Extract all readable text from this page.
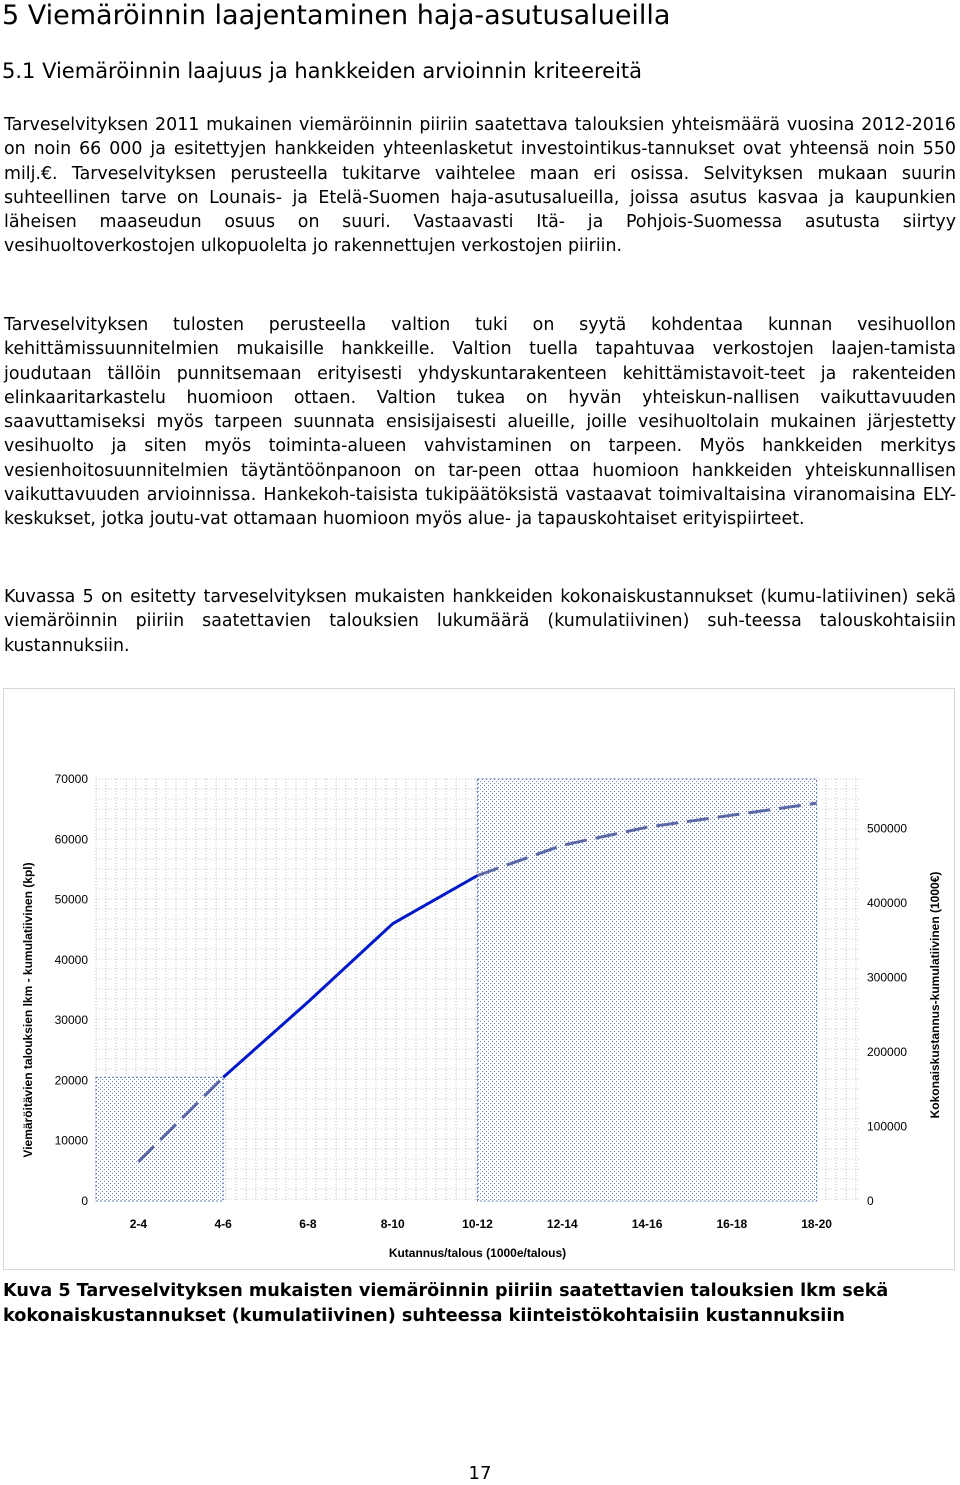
5 Viemäröinnin laajentaminen haja-asutusalueilla
5.1 Viemäröinnin laajuus ja hankkeiden arvioinnin kriteereitä

Tarveselvityksen 2011 mukainen viemäröinnin piiriin saatettava talouksien yhteismäärä vuosina 2012-2016 on noin 66 000 ja esitettyjen hankkeiden yhteenlasketut investointikus-tannukset ovat yhteensä noin 550 milj.€. Tarveselvityksen perusteella tukitarve vaihtelee maan eri osissa. Selvityksen mukaan suurin suhteellinen tarve on Lounais- ja Etelä-Suomen haja-asutusalueilla, joissa asutus kasvaa ja kaupunkien läheisen maaseudun osuus on suuri. Vastaavasti Itä- ja Pohjois-Suomessa asutusta siirtyy vesihuoltoverkostojen ulkopuolelta jo rakennettujen verkostojen piiriin.

Tarveselvityksen tulosten perusteella valtion tuki on syytä kohdentaa kunnan vesihuollon kehittämissuunnitelmien mukaisille hankkeille. Valtion tuella tapahtuvaa verkostojen laajen-tamista joudutaan tällöin punnitsemaan erityisesti yhdyskuntarakenteen kehittämistavoit-teet ja rakenteiden elinkaaritarkastelu huomioon ottaen. Valtion tukea on hyvän yhteiskun-nallisen vaikuttavuuden saavuttamiseksi myös tarpeen suunnata ensisijaisesti alueille, joille vesihuoltolain mukainen järjestetty vesihuolto ja siten myös toiminta-alueen vahvistaminen on tarpeen. Myös hankkeiden merkitys vesienhoitosuunnitelmien täytäntöönpanoon on tar-peen ottaa huomioon hankkeiden yhteiskunnallisen vaikuttavuuden arvioinnissa. Hankekoh-taisista tukipäätöksistä vastaavat toimivaltaisina viranomaisina ELY-keskukset, jotka joutu-vat ottamaan huomioon myös alue- ja tapauskohtaiset erityispiirteet.

Kuvassa 5 on esitetty tarveselvityksen mukaisten hankkeiden kokonaiskustannukset (kumu-latiivinen) sekä viemäröinnin piiriin saatettavien talouksien lukumäärä (kumulatiivinen) suh-teessa talouskohtaisiin kustannuksiin.

0
10000
20000
30000
40000
50000
60000
70000
0
100000
200000
300000
400000
500000
2-4	4-6	6-8	8-10	10-12	12-14	14-16	16-18	18-20
Kutannus/talous (1000e/talous)
Viemäröitävien talouksien lkm - kumulatiivinen (kpl)	Kokonaiskustannus-kumulatiivinen (1000€)

Kuva 5 Tarveselvityksen mukaisten viemäröinnin piiriin saatettavien talouksien lkm sekä kokonaiskustannukset (kumulatiivinen) suhteessa kiinteistökohtaisiin kustannuksiin

17
